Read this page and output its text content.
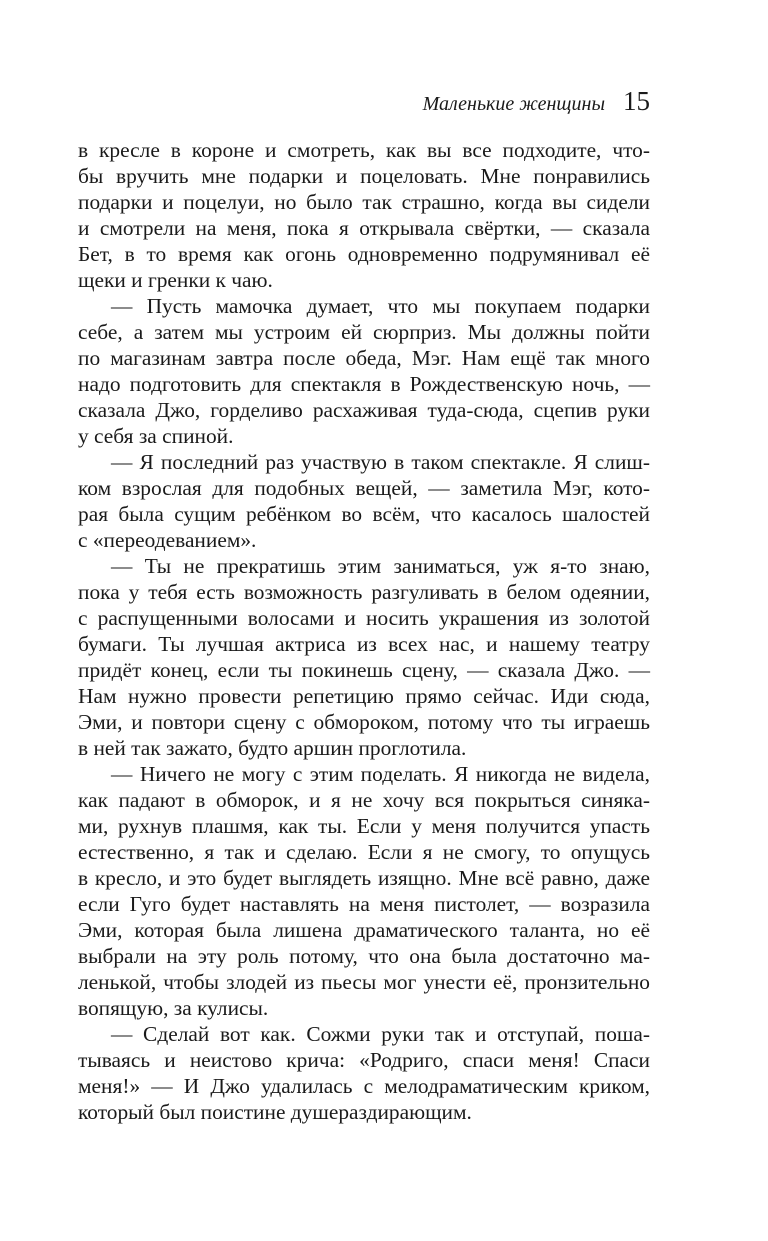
Маленькие женщины 15
в кресле в короне и смотреть, как вы все подходите, что-
бы вручить мне подарки и поцеловать. Мне понравились
подарки и поцелуи, но было так страшно, когда вы сидели
и смотрели на меня, пока я открывала свёртки, — сказала
Бет, в то время как огонь одновременно подрумянивал её
щеки и гренки к чаю.
— Пусть мамочка думает, что мы покупаем подарки
себе, а затем мы устроим ей сюрприз. Мы должны пойти
по магазинам завтра после обеда, Мэг. Нам ещё так много
надо подготовить для спектакля в Рождественскую ночь, —
сказала Джо, горделиво расхаживая туда-сюда, сцепив руки
у себя за спиной.
— Я последний раз участвую в таком спектакле. Я слиш-
ком взрослая для подобных вещей, — заметила Мэг, кото-
рая была сущим ребёнком во всём, что касалось шалостей
с «переодеванием».
— Ты не прекратишь этим заниматься, уж я-то знаю,
пока у тебя есть возможность разгуливать в белом одеянии,
с распущенными волосами и носить украшения из золотой
бумаги. Ты лучшая актриса из всех нас, и нашему театру
придёт конец, если ты покинешь сцену, — сказала Джо. —
Нам нужно провести репетицию прямо сейчас. Иди сюда,
Эми, и повтори сцену с обмороком, потому что ты играешь
в ней так зажато, будто аршин проглотила.
— Ничего не могу с этим поделать. Я никогда не видела,
как падают в обморок, и я не хочу вся покрыться синяка-
ми, рухнув плашмя, как ты. Если у меня получится упасть
естественно, я так и сделаю. Если я не смогу, то опущусь
в кресло, и это будет выглядеть изящно. Мне всё равно, даже
если Гуго будет наставлять на меня пистолет, — возразила
Эми, которая была лишена драматического таланта, но её
выбрали на эту роль потому, что она была достаточно ма-
ленькой, чтобы злодей из пьесы мог унести её, пронзительно
вопящую, за кулисы.
— Сделай вот как. Сожми руки так и отступай, поша-
тываясь и неистово крича: «Родриго, спаси меня! Спаси
меня!» — И Джо удалилась с мелодраматическим криком,
который был поистине душераздирающим.
